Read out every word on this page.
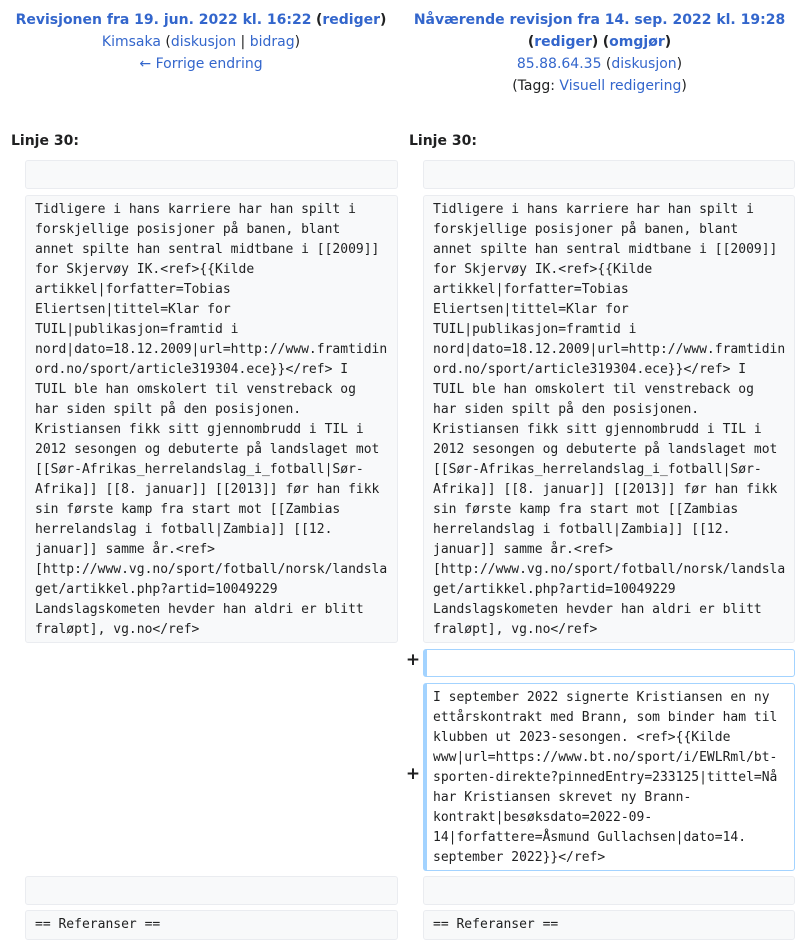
Revisjonen fra 19. jun. 2022 kl. 16:22 (rediger)
Kimsaka (diskusjon | bidrag)
← Forrige endring
Nåværende revisjon fra 14. sep. 2022 kl. 19:28
(rediger) (omgjør)
85.88.64.35 (diskusjon)
(Tagg: Visuell redigering)
Linje 30:	Linje 30:
Tidligere i hans karriere har han spilt i
forskjellige posisjoner på banen, blant
annet spilte han sentral midtbane i [[2009]]
for Skjervøy IK.<ref>{{Kilde
artikkel|forfatter=Tobias
Eliertsen|tittel=Klar for
TUIL|publikasjon=framtid i
nord|dato=18.12.2009|url=http://www.framtidin
ord.no/sport/article319304.ece}}</ref> I
TUIL ble han omskolert til venstreback og
har siden spilt på den posisjonen.
Kristiansen fikk sitt gjennombrudd i TIL i
2012 sesongen og debuterte på landslaget mot
[[Sør-Afrikas_herrelandslag_i_fotball|Sør-
Afrika]] [[8. januar]] [[2013]] før han fikk
sin første kamp fra start mot [[Zambias
herrelandslag i fotball|Zambia]] [[12.
januar]] samme år.<ref>
[http://www.vg.no/sport/fotball/norsk/landsla
get/artikkel.php?artid=10049229
Landslagskometen hevder han aldri er blitt
fraløpt], vg.no</ref>
Tidligere i hans karriere har han spilt i
forskjellige posisjoner på banen, blant
annet spilte han sentral midtbane i [[2009]]
for Skjervøy IK.<ref>{{Kilde
artikkel|forfatter=Tobias
Eliertsen|tittel=Klar for
TUIL|publikasjon=framtid i
nord|dato=18.12.2009|url=http://www.framtidin
ord.no/sport/article319304.ece}}</ref> I
TUIL ble han omskolert til venstreback og
har siden spilt på den posisjonen.
Kristiansen fikk sitt gjennombrudd i TIL i
2012 sesongen og debuterte på landslaget mot
[[Sør-Afrikas_herrelandslag_i_fotball|Sør-
Afrika]] [[8. januar]] [[2013]] før han fikk
sin første kamp fra start mot [[Zambias
herrelandslag i fotball|Zambia]] [[12.
januar]] samme år.<ref>
[http://www.vg.no/sport/fotball/norsk/landsla
get/artikkel.php?artid=10049229
Landslagskometen hevder han aldri er blitt
fraløpt], vg.no</ref>
+
+
I september 2022 signerte Kristiansen en ny
ettårskontrakt med Brann, som binder ham til
klubben ut 2023-sesongen. <ref>{{Kilde
www|url=https://www.bt.no/sport/i/EWLRml/bt-
sporten-direkte?pinnedEntry=233125|tittel=Nå
har Kristiansen skrevet ny Brann-
kontrakt|besøksdato=2022-09-
14|forfattere=Åsmund Gullachsen|dato=14.
september 2022}}</ref>
== Referanser ==	== Referanser ==
